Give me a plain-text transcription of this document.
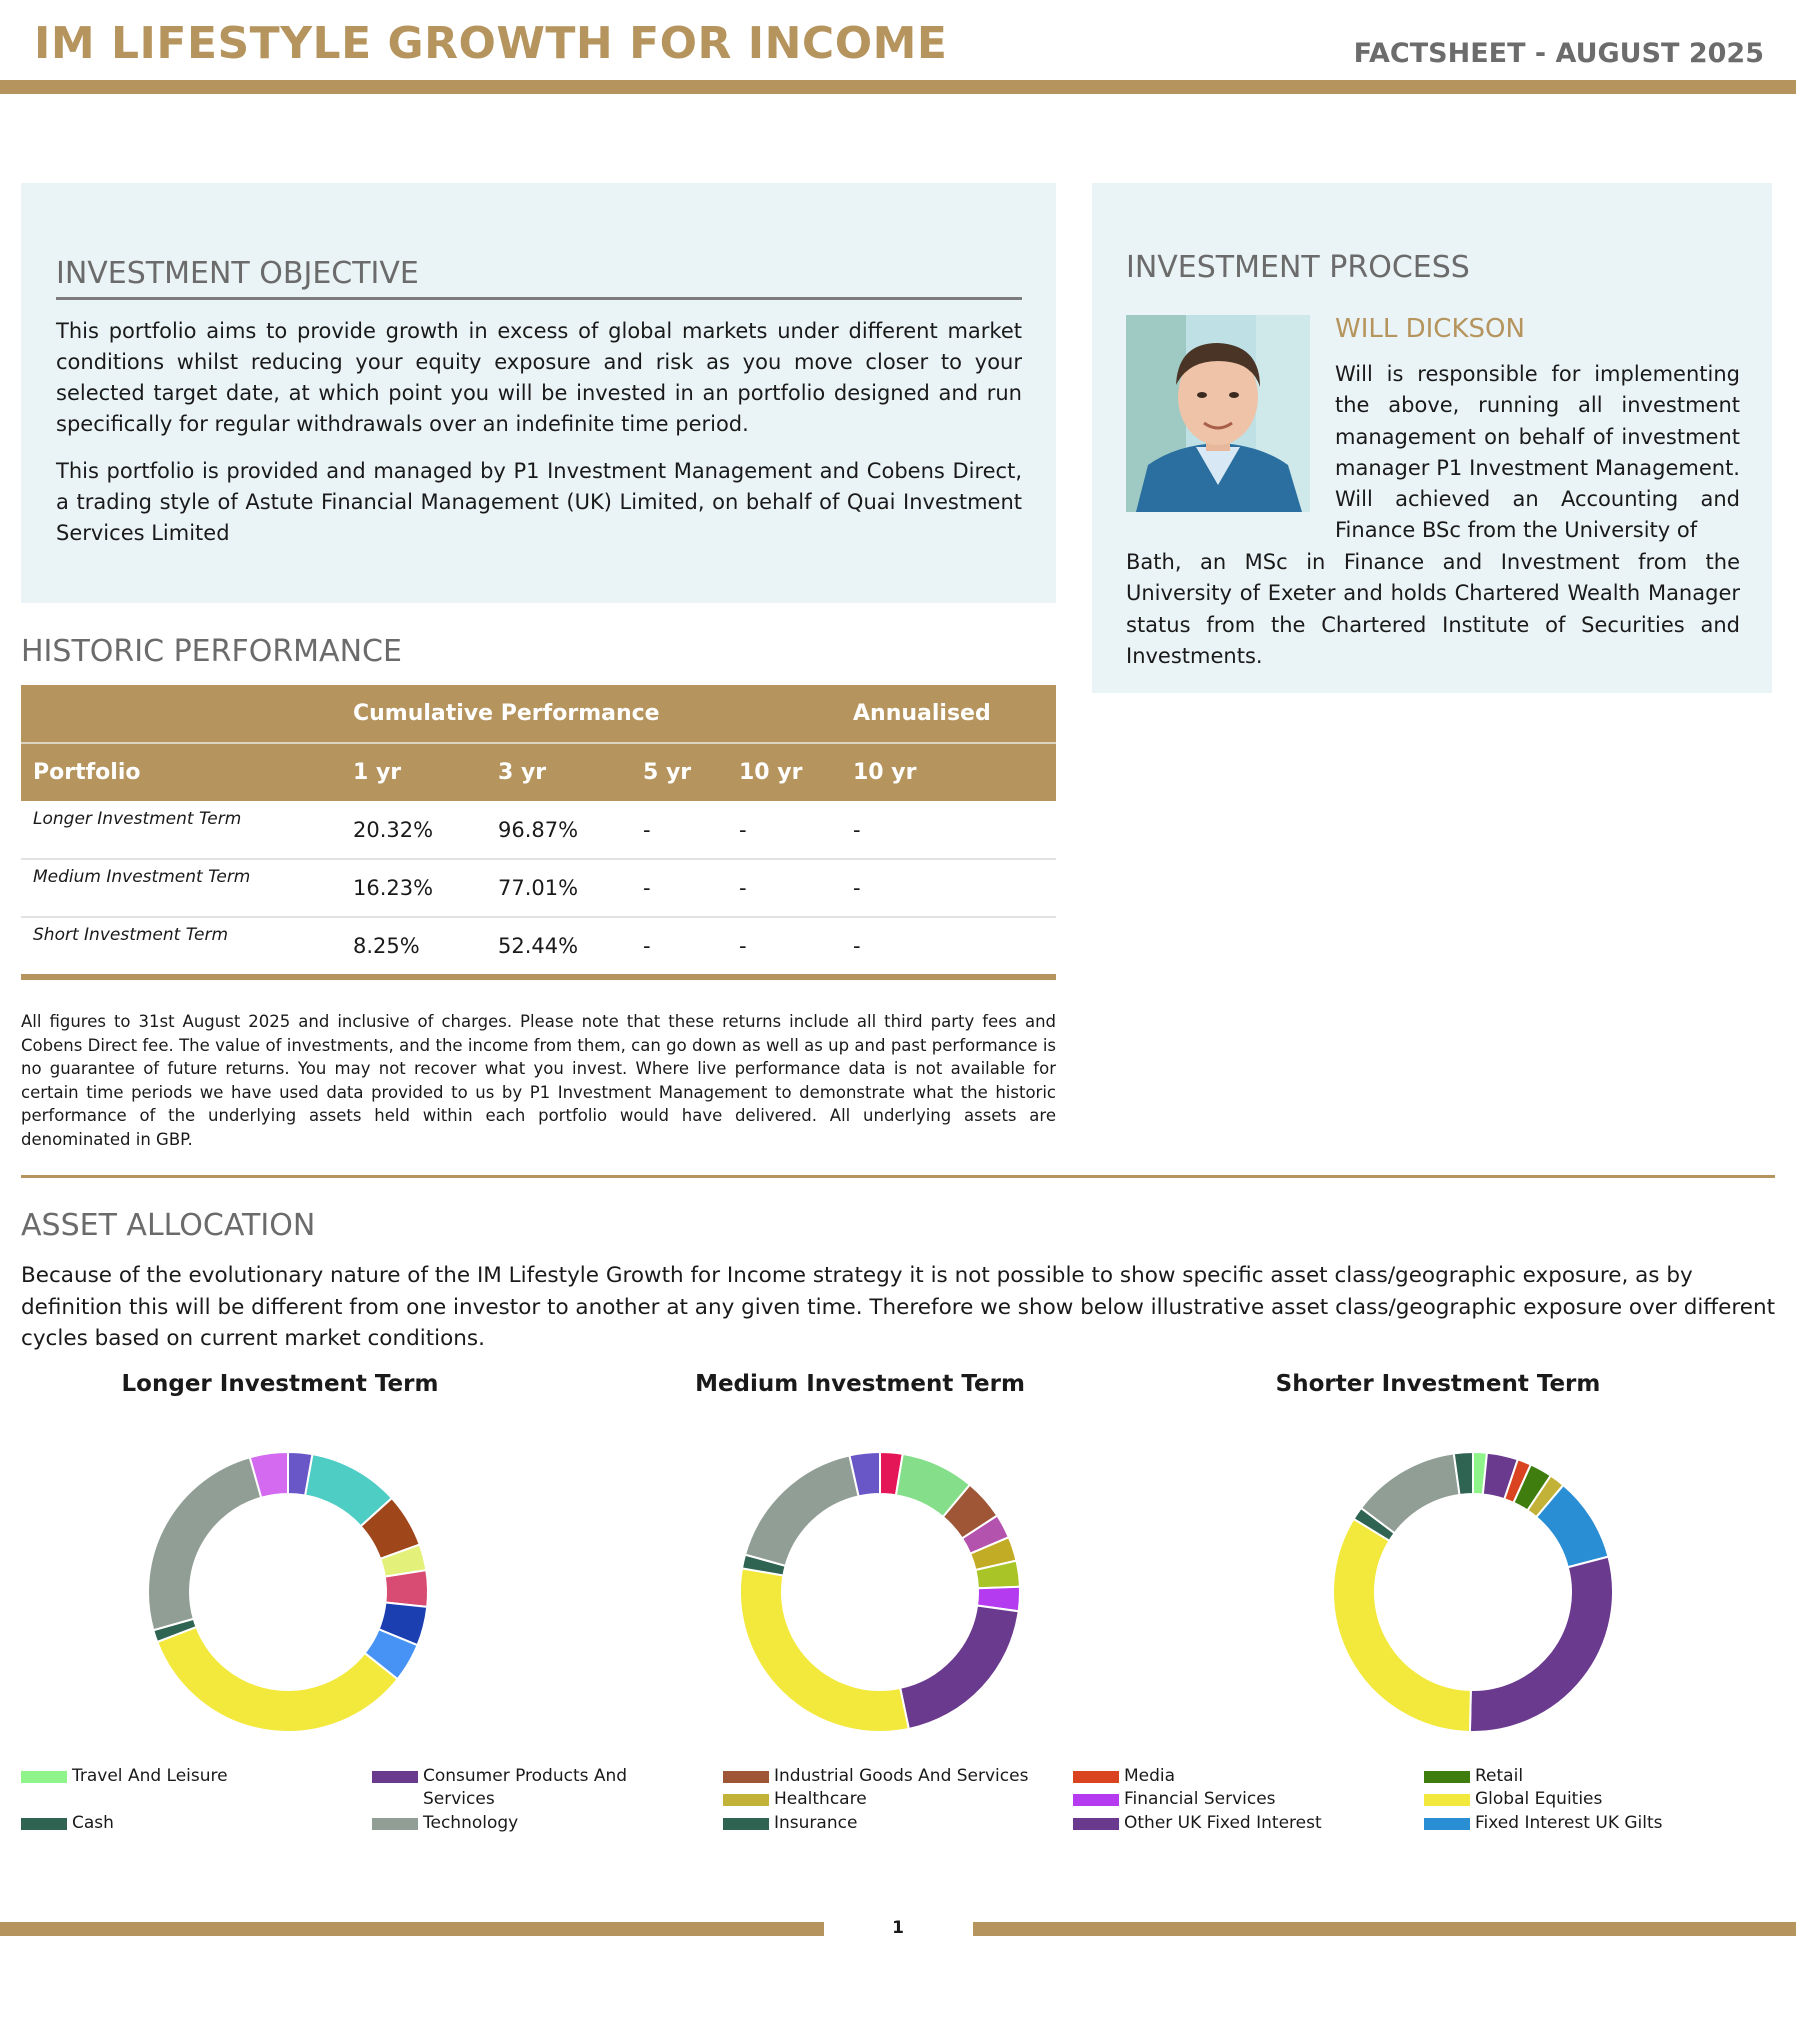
IM LIFESTYLE GROWTH FOR INCOME	FACTSHEET - AUGUST 2025
INVESTMENT OBJECTIVE

This portfolio aims to provide growth in excess of global markets under different market conditions whilst reducing your equity exposure and risk as you move closer to your selected target date, at which point you will be invested in an portfolio designed and run specifically for regular withdrawals over an indefinite time period.

This portfolio is provided and managed by P1 Investment Management and Cobens Direct, a trading style of Astute Financial Management (UK) Limited, on behalf of Quai Investment Services Limited

INVESTMENT PROCESS
WILL DICKSON
Will is responsible for implementing the above, running all investment management on behalf of investment manager P1 Investment Management. Will achieved an Accounting and Finance BSc from the University of
Bath, an MSc in Finance and Investment from the University of Exeter and holds Chartered Wealth Manager status from the Chartered Institute of Securities and Investments.
HISTORIC PERFORMANCE
	Cumulative Performance				Annualised
Portfolio	1 yr	3 yr	5 yr	10 yr	10 yr
Longer Investment Term	20.32%	96.87%	-	-	-
Medium Investment Term	16.23%	77.01%	-	-	-
Short Investment Term	8.25%	52.44%	-	-	-
All figures to 31st August 2025 and inclusive of charges. Please note that these returns include all third party fees and Cobens Direct fee. The value of investments, and the income from them, can go down as well as up and past performance is no guarantee of future returns. You may not recover what you invest. Where live performance data is not available for certain time periods we have used data provided to us by P1 Investment Management to demonstrate what the historic performance of the underlying assets held within each portfolio would have delivered. All underlying assets are denominated in GBP.
ASSET ALLOCATION
Because of the evolutionary nature of the IM Lifestyle Growth for Income strategy it is not possible to show specific asset class/geographic exposure, as by definition this will be different from one investor to another at any given time. Therefore we show below illustrative asset class/geographic exposure over different cycles based on current market conditions.
Longer Investment Term	Medium Investment Term	Shorter Investment Term
Travel And Leisure
Cash
Consumer Products And Services
Technology
Industrial Goods And Services
Healthcare
Insurance
Media
Financial Services
Other UK Fixed Interest
Retail
Global Equities
Fixed Interest UK Gilts
1
